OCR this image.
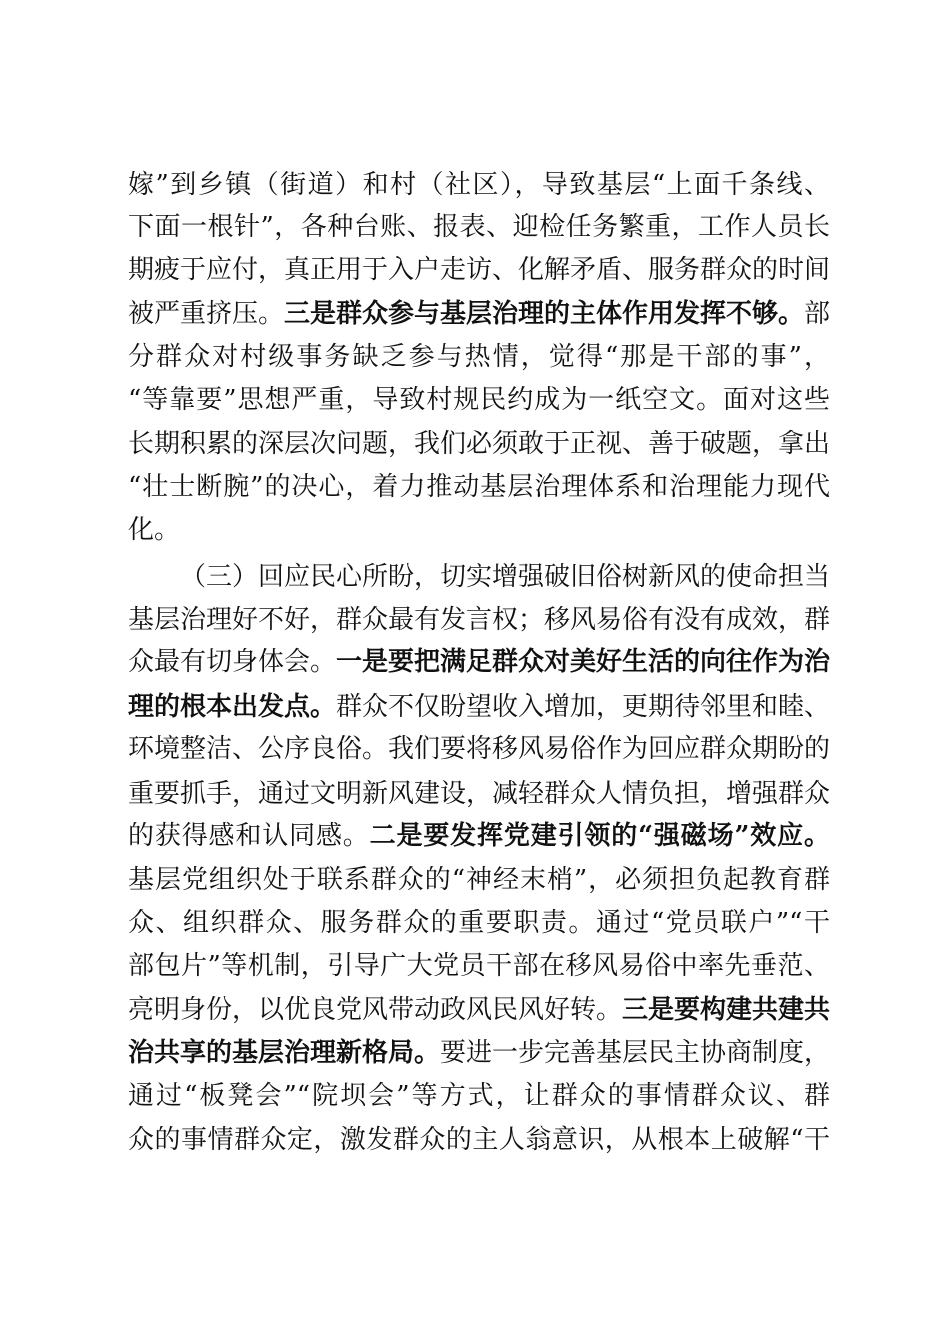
嫁”到乡镇（街道）和村（社区），导致基层“上面千条线、
下面一根针”，各种台账、报表、迎检任务繁重，工作人员长
期疲于应付，真正用于入户走访、化解矛盾、服务群众的时间
被严重挤压。三是群众参与基层治理的主体作用发挥不够。部
分群众对村级事务缺乏参与热情，觉得“那是干部的事”，
“等靠要”思想严重，导致村规民约成为一纸空文。面对这些
长期积累的深层次问题，我们必须敢于正视、善于破题，拿出
“壮士断腕”的决心，着力推动基层治理体系和治理能力现代
化。
（三）回应民心所盼，切实增强破旧俗树新风的使命担当
基层治理好不好，群众最有发言权；移风易俗有没有成效，群
众最有切身体会。一是要把满足群众对美好生活的向往作为治
理的根本出发点。群众不仅盼望收入增加，更期待邻里和睦、
环境整洁、公序良俗。我们要将移风易俗作为回应群众期盼的
重要抓手，通过文明新风建设，减轻群众人情负担，增强群众
的获得感和认同感。二是要发挥党建引领的“强磁场”效应。
基层党组织处于联系群众的“神经末梢”，必须担负起教育群
众、组织群众、服务群众的重要职责。通过“党员联户”“干
部包片”等机制，引导广大党员干部在移风易俗中率先垂范、
亮明身份，以优良党风带动政风民风好转。三是要构建共建共
治共享的基层治理新格局。要进一步完善基层民主协商制度，
通过“板凳会”“院坝会”等方式，让群众的事情群众议、群
众的事情群众定，激发群众的主人翁意识，从根本上破解“干
